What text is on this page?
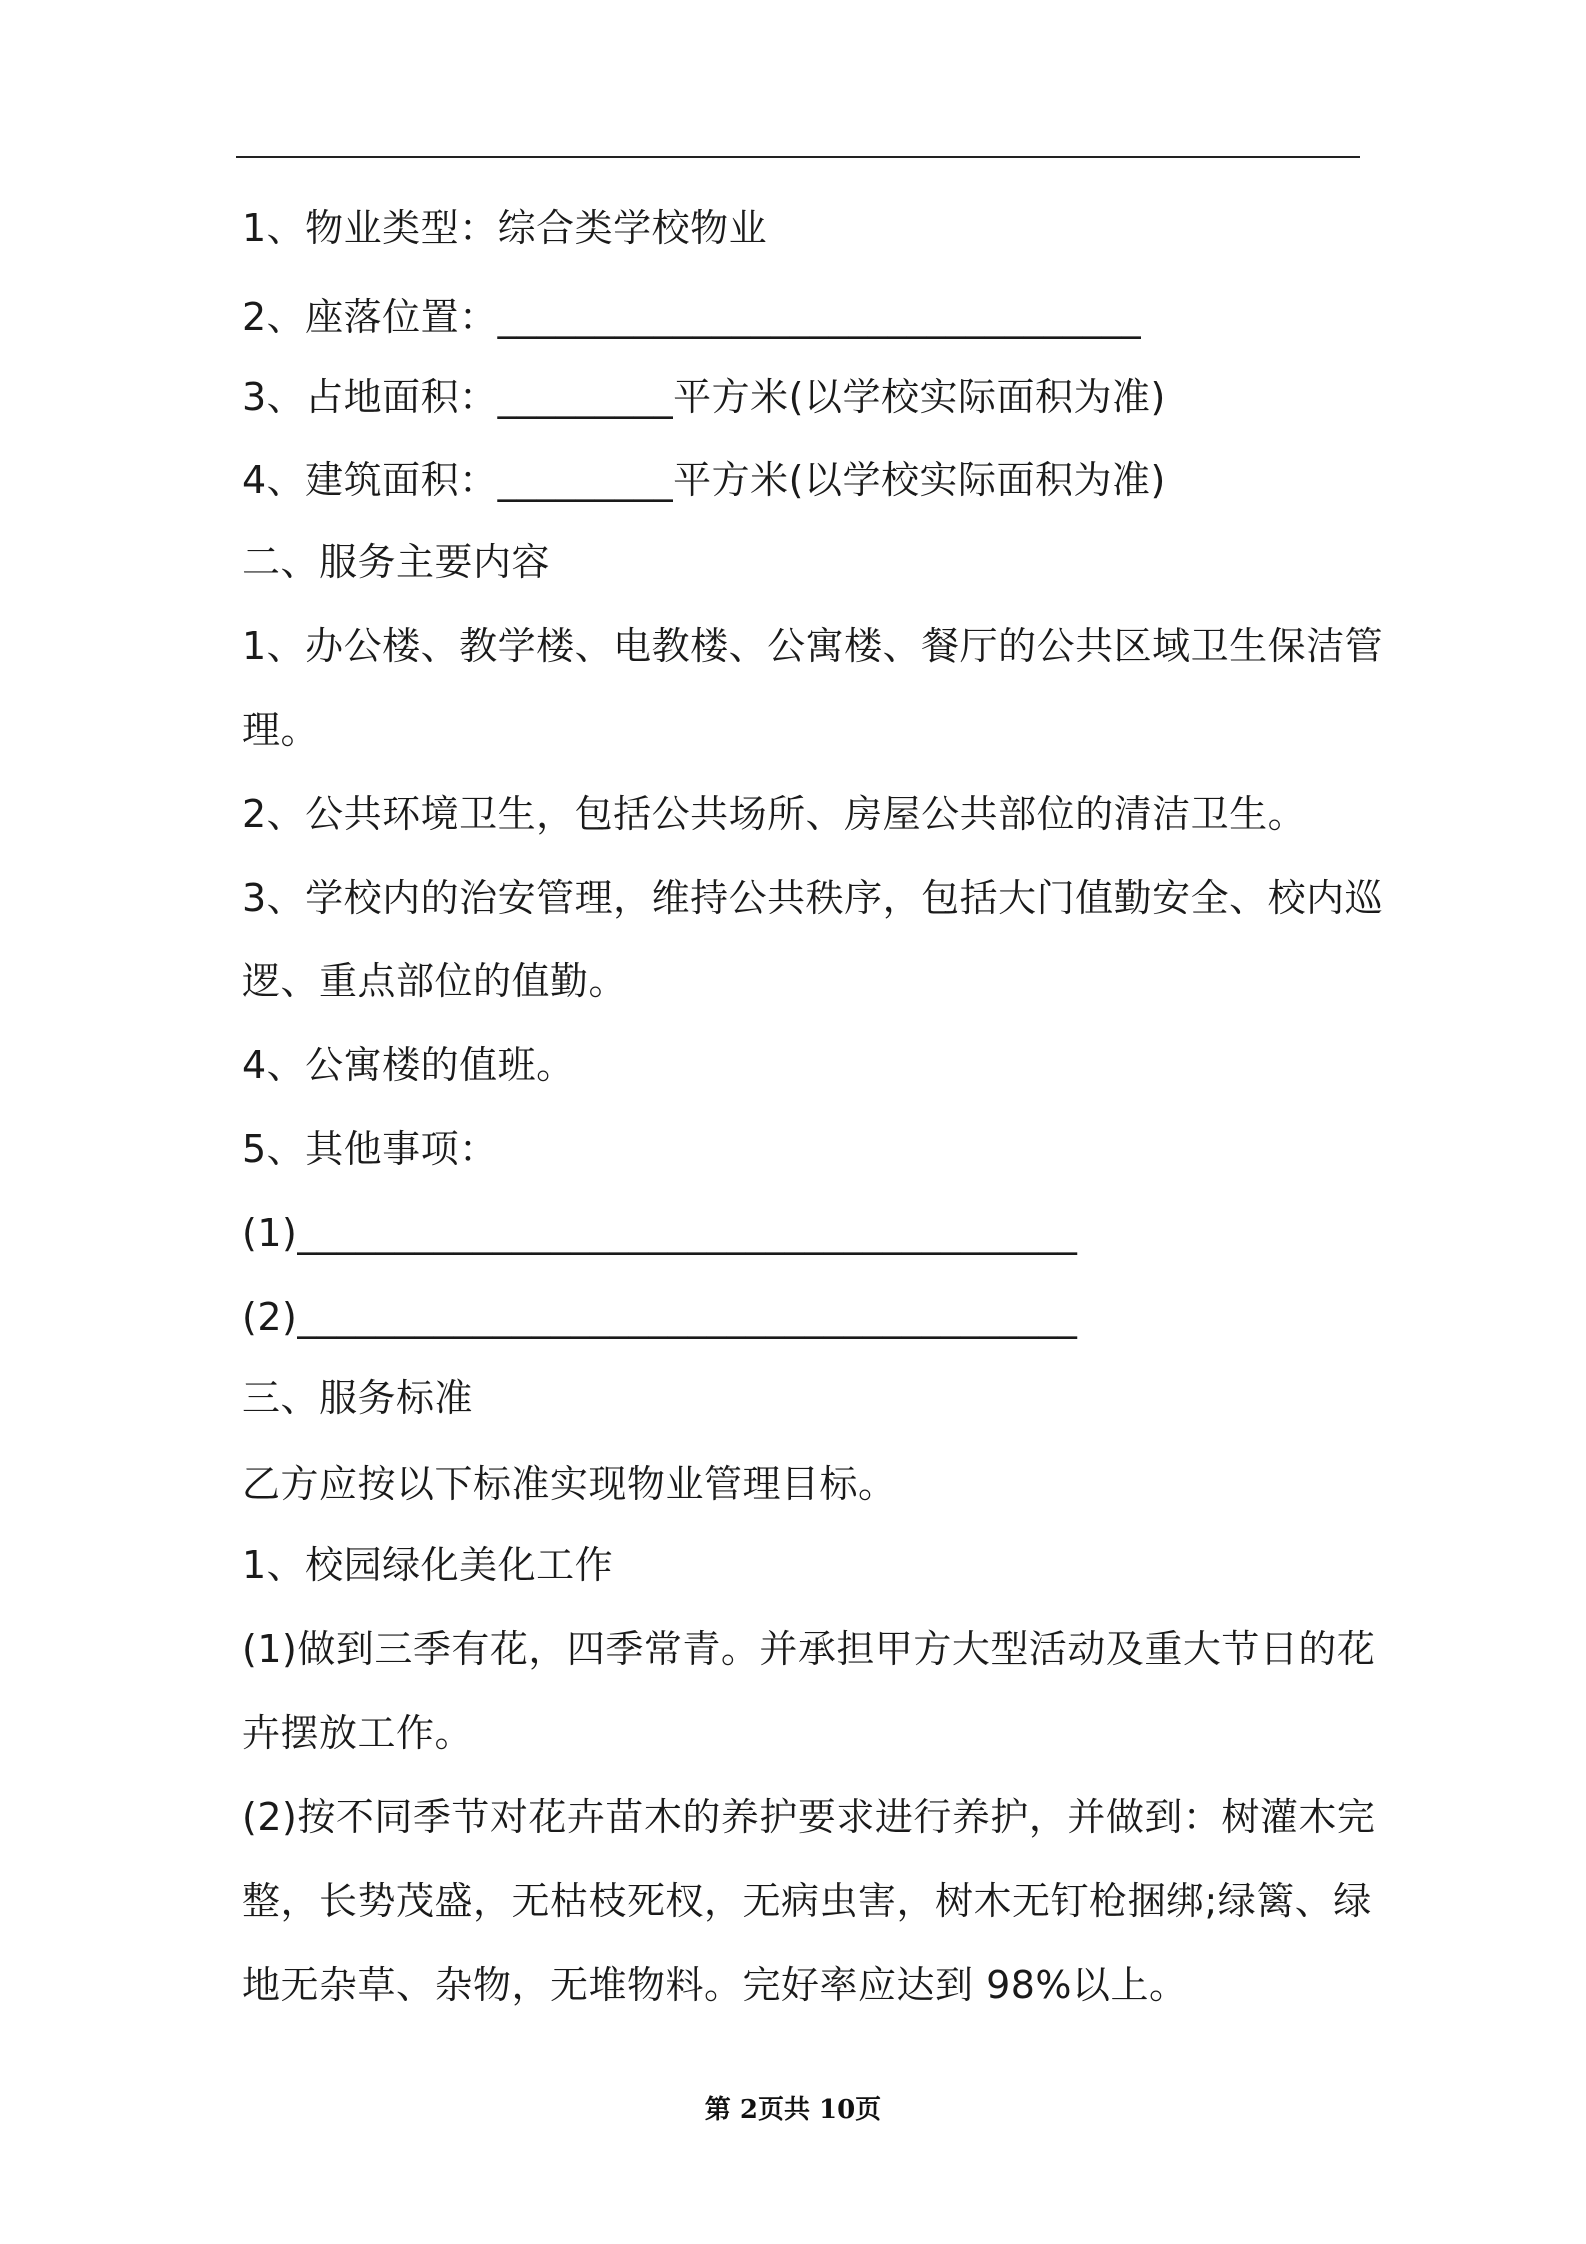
1、物业类型：综合类学校物业
2、座落位置：_________________________________
3、占地面积：_________平方米(以学校实际面积为准)
4、建筑面积：_________平方米(以学校实际面积为准)
二、服务主要内容
1、办公楼、教学楼、电教楼、公寓楼、餐厅的公共区域卫生保洁管
理。
2、公共环境卫生，包括公共场所、房屋公共部位的清洁卫生。
3、学校内的治安管理，维持公共秩序，包括大门值勤安全、校内巡
逻、重点部位的值勤。
4、公寓楼的值班。
5、其他事项：
(1)________________________________________
(2)________________________________________
三、服务标准
乙方应按以下标准实现物业管理目标。
1、校园绿化美化工作
(1)做到三季有花，四季常青。并承担甲方大型活动及重大节日的花
卉摆放工作。
(2)按不同季节对花卉苗木的养护要求进行养护，并做到：树灌木完
整，长势茂盛，无枯枝死杈，无病虫害，树木无钉枪捆绑;绿篱、绿
地无杂草、杂物，无堆物料。完好率应达到 98%以上。
第 2页共 10页
